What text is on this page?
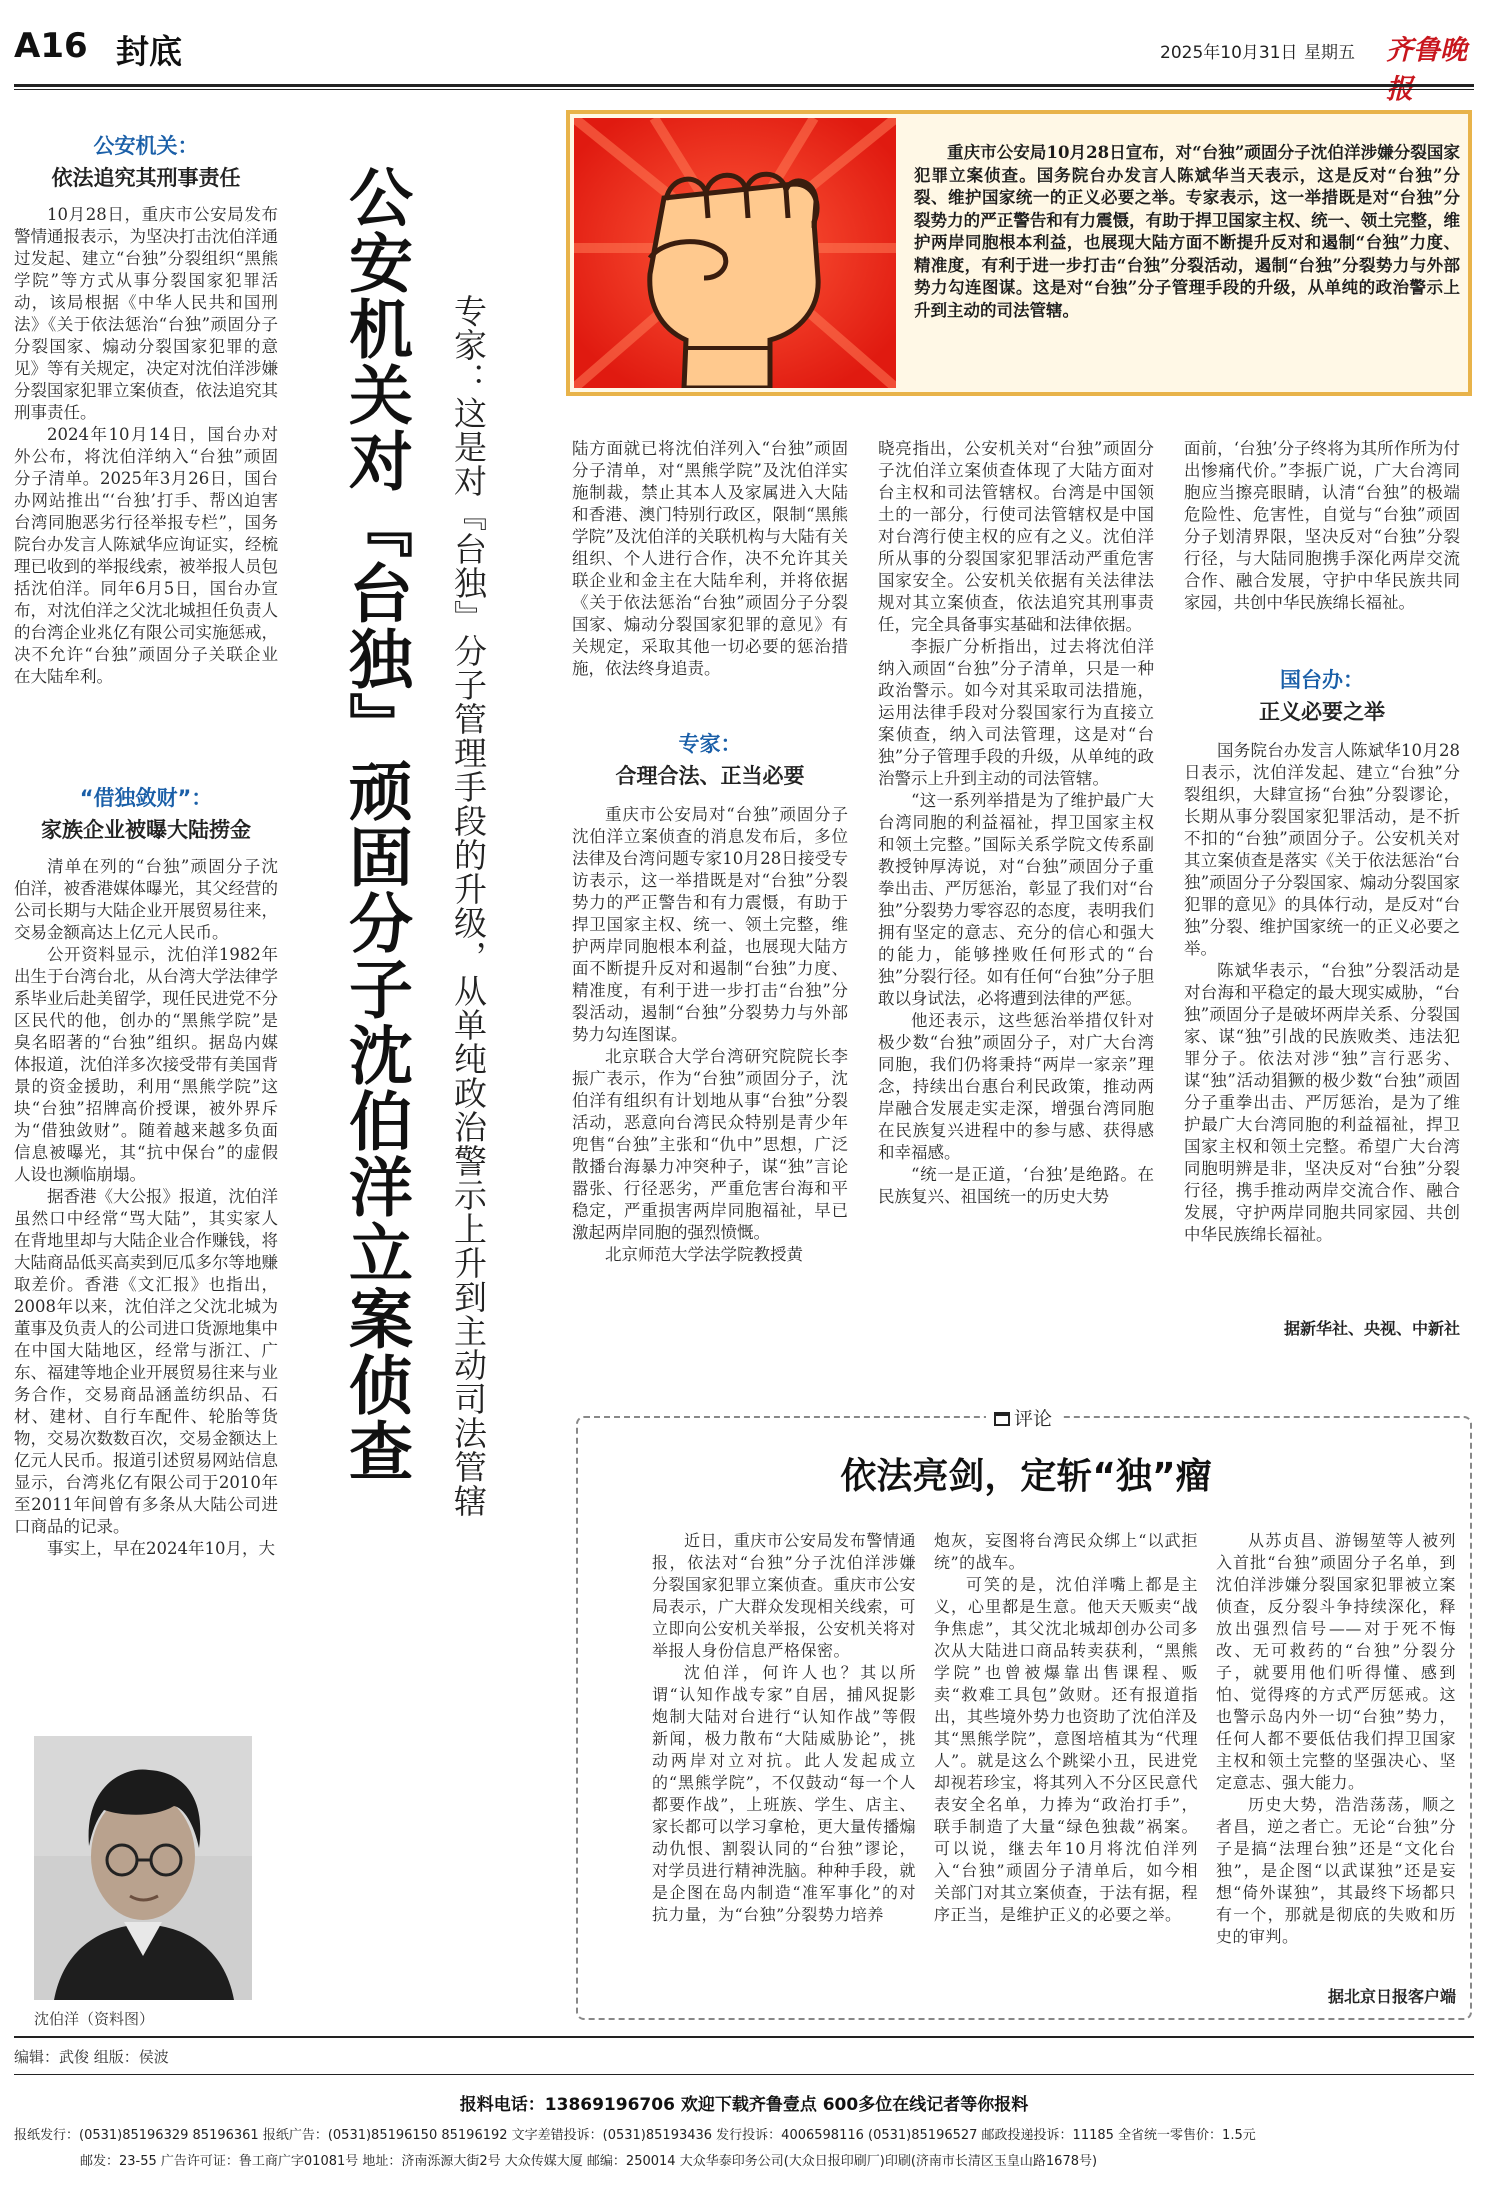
A16 封底	2025年10月31日 星期五 齐鲁晚
公安机关：
依法追究其刑事责任

10月28日，重庆市公安局发布警情通报表示，为坚决打击沈伯洋通过发起、建立“台独”分裂组织“黑熊学院”等方式从事分裂国家犯罪活动，该局根据《中华人民共和国刑法》《关于依法惩治“台独”顽固分子分裂国家、煽动分裂国家犯罪的意见》等有关规定，决定对沈伯洋涉嫌分裂国家犯罪立案侦查，依法追究其刑事责任。

2024年10月14日，国台办对外公布，将沈伯洋纳入“台独”顽固分子清单。2025年3月26日，国台办网站推出“‘台独’打手、帮凶迫害台湾同胞恶劣行径举报专栏”，国务院台办发言人陈斌华应询证实，经梳理已收到的举报线索，被举报人员包括沈伯洋。同年6月5日，国台办宣布，对沈伯洋之父沈北城担任负责人的台湾企业兆亿有限公司实施惩戒，决不允许“台独”顽固分子关联企业在大陆牟利。

“借独敛财”：
家族企业被曝大陆捞金

清单在列的“台独”顽固分子沈伯洋，被香港媒体曝光，其父经营的公司长期与大陆企业开展贸易往来，交易金额高达上亿元人民币。

公开资料显示，沈伯洋1982年出生于台湾台北，从台湾大学法律学系毕业后赴美留学，现任民进党不分区民代的他，创办的“黑熊学院”是臭名昭著的“台独”组织。据岛内媒体报道，沈伯洋多次接受带有美国背景的资金援助，利用“黑熊学院”这块“台独”招牌高价授课，被外界斥为“借独敛财”。随着越来越多负面信息被曝光，其“抗中保台”的虚假人设也濒临崩塌。

据香港《大公报》报道，沈伯洋虽然口中经常“骂大陆”，其实家人在背地里却与大陆企业合作赚钱，将大陆商品低买高卖到厄瓜多尔等地赚取差价。香港《文汇报》也指出，2008年以来，沈伯洋之父沈北城为董事及负责人的公司进口货源地集中在中国大陆地区，经常与浙江、广东、福建等地企业开展贸易往来与业务合作，交易商品涵盖纺织品、石材、建材、自行车配件、轮胎等货物，交易次数数百次，交易金额达上亿元人民币。报道引述贸易网站信息显示，台湾兆亿有限公司于2010年至2011年间曾有多条从大陆公司进口商品的记录。

事实上，早在2024年10月，大

沈伯洋（资料图）
公安机关对『台独』顽固分子沈伯洋立案侦查 专家：这是对『台独』分子管理手段的升级，从单纯政治警示上升到主动司法管辖
重庆市公安局10月28日宣布，对“台独”顽固分子沈伯洋涉嫌分裂国家犯罪立案侦查。国务院台办发言人陈斌华当天表示，这是反对“台独”分裂、维护国家统一的正义必要之举。专家表示，这一举措既是对“台独”分裂势力的严正警告和有力震慑，有助于捍卫国家主权、统一、领土完整，维护两岸同胞根本利益，也展现大陆方面不断提升反对和遏制“台独”力度、精准度，有利于进一步打击“台独”分裂活动，遏制“台独”分裂势力与外部势力勾连图谋。这是对“台独”分子管理手段的升级，从单纯的政治警示上升到主动的司法管辖。

陆方面就已将沈伯洋列入“台独”顽固分子清单，对“黑熊学院”及沈伯洋实施制裁，禁止其本人及家属进入大陆和香港、澳门特别行政区，限制“黑熊学院”及沈伯洋的关联机构与大陆有关组织、个人进行合作，决不允许其关联企业和金主在大陆牟利，并将依据《关于依法惩治“台独”顽固分子分裂国家、煽动分裂国家犯罪的意见》有关规定，采取其他一切必要的惩治措施，依法终身追责。

专家：
合理合法、正当必要

重庆市公安局对“台独”顽固分子沈伯洋立案侦查的消息发布后，多位法律及台湾问题专家10月28日接受专访表示，这一举措既是对“台独”分裂势力的严正警告和有力震慑，有助于捍卫国家主权、统一、领土完整，维护两岸同胞根本利益，也展现大陆方面不断提升反对和遏制“台独”力度、精准度，有利于进一步打击“台独”分裂活动，遏制“台独”分裂势力与外部势力勾连图谋。

北京联合大学台湾研究院院长李振广表示，作为“台独”顽固分子，沈伯洋有组织有计划地从事“台独”分裂活动，恶意向台湾民众特别是青少年兜售“台独”主张和“仇中”思想，广泛散播台海暴力冲突种子，谋“独”言论嚣张、行径恶劣，严重危害台海和平稳定，严重损害两岸同胞福祉，早已激起两岸同胞的强烈愤慨。

北京师范大学法学院教授黄

晓亮指出，公安机关对“台独”顽固分子沈伯洋立案侦查体现了大陆方面对台主权和司法管辖权。台湾是中国领土的一部分，行使司法管辖权是中国对台湾行使主权的应有之义。沈伯洋所从事的分裂国家犯罪活动严重危害国家安全。公安机关依据有关法律法规对其立案侦查，依法追究其刑事责任，完全具备事实基础和法律依据。

李振广分析指出，过去将沈伯洋纳入顽固“台独”分子清单，只是一种政治警示。如今对其采取司法措施，运用法律手段对分裂国家行为直接立案侦查，纳入司法管理，这是对“台独”分子管理手段的升级，从单纯的政治警示上升到主动的司法管辖。

“这一系列举措是为了维护最广大台湾同胞的利益福祉，捍卫国家主权和领土完整。”国际关系学院文传系副教授钟厚涛说，对“台独”顽固分子重拳出击、严厉惩治，彰显了我们对“台独”分裂势力零容忍的态度，表明我们拥有坚定的意志、充分的信心和强大的能力，能够挫败任何形式的“台独”分裂行径。如有任何“台独”分子胆敢以身试法，必将遭到法律的严惩。

他还表示，这些惩治举措仅针对极少数“台独”顽固分子，对广大台湾同胞，我们仍将秉持“两岸一家亲”理念，持续出台惠台利民政策，推动两岸融合发展走实走深，增强台湾同胞在民族复兴进程中的参与感、获得感和幸福感。

“统一是正道，‘台独’是绝路。在民族复兴、祖国统一的历史大势

面前，‘台独’分子终将为其所作所为付出惨痛代价。”李振广说，广大台湾同胞应当擦亮眼睛，认清“台独”的极端危险性、危害性，自觉与“台独”顽固分子划清界限，坚决反对“台独”分裂行径，与大陆同胞携手深化两岸交流合作、融合发展，守护中华民族共同家园，共创中华民族绵长福祉。

国台办：
正义必要之举

国务院台办发言人陈斌华10月28日表示，沈伯洋发起、建立“台独”分裂组织，大肆宣扬“台独”分裂谬论，长期从事分裂国家犯罪活动，是不折不扣的“台独”顽固分子。公安机关对其立案侦查是落实《关于依法惩治“台独”顽固分子分裂国家、煽动分裂国家犯罪的意见》的具体行动，是反对“台独”分裂、维护国家统一的正义必要之举。

陈斌华表示，“台独”分裂活动是对台海和平稳定的最大现实威胁，“台独”顽固分子是破坏两岸关系、分裂国家、谋“独”引战的民族败类、违法犯罪分子。依法对涉“独”言行恶劣、谋“独”活动猖獗的极少数“台独”顽固分子重拳出击、严厉惩治，是为了维护最广大台湾同胞的利益福祉，捍卫国家主权和领土完整。希望广大台湾同胞明辨是非，坚决反对“台独”分裂行径，携手推动两岸交流合作、融合发展，守护两岸同胞共同家园、共创中华民族绵长福祉。

据新华社、央视、中新社
评论
依法亮剑，定斩“独”瘤

近日，重庆市公安局发布警情通报，依法对“台独”分子沈伯洋涉嫌分裂国家犯罪立案侦查。重庆市公安局表示，广大群众发现相关线索，可立即向公安机关举报，公安机关将对举报人身份信息严格保密。

沈伯洋，何许人也？其以所谓“认知作战专家”自居，捕风捉影炮制大陆对台进行“认知作战”等假新闻，极力散布“大陆威胁论”，挑动两岸对立对抗。此人发起成立的“黑熊学院”，不仅鼓动“每一个人都要作战”，上班族、学生、店主、家长都可以学习拿枪，更大量传播煽动仇恨、割裂认同的“台独”谬论，对学员进行精神洗脑。种种手段，就是企图在岛内制造“准军事化”的对抗力量，为“台独”分裂势力培养

炮灰，妄图将台湾民众绑上“以武拒统”的战车。

可笑的是，沈伯洋嘴上都是主义，心里都是生意。他天天贩卖“战争焦虑”，其父沈北城却创办公司多次从大陆进口商品转卖获利，“黑熊学院”也曾被爆靠出售课程、贩卖“救难工具包”敛财。还有报道指出，其些境外势力也资助了沈伯洋及其“黑熊学院”，意图培植其为“代理人”。就是这么个跳梁小丑，民进党却视若珍宝，将其列入不分区民意代表安全名单，力捧为“政治打手”，联手制造了大量“绿色独裁”祸案。可以说，继去年10月将沈伯洋列入“台独”顽固分子清单后，如今相关部门对其立案侦查，于法有据，程序正当，是维护正义的必要之举。

从苏贞昌、游锡堃等人被列入首批“台独”顽固分子名单，到沈伯洋涉嫌分裂国家犯罪被立案侦查，反分裂斗争持续深化，释放出强烈信号——对于死不悔改、无可救药的“台独”分裂分子，就要用他们听得懂、感到怕、觉得疼的方式严厉惩戒。这也警示岛内外一切“台独”势力，任何人都不要低估我们捍卫国家主权和领土完整的坚强决心、坚定意志、强大能力。

历史大势，浩浩荡荡，顺之者昌，逆之者亡。无论“台独”分子是搞“法理台独”还是“文化台独”，是企图“以武谋独”还是妄想“倚外谋独”，其最终下场都只有一个，那就是彻底的失败和历史的审判。

据北京日报客户端
编辑：武俊 组版：侯波
报料电话：13869196706 欢迎下载齐鲁壹点 600多位在线记者等你报料
报纸发行：(0531)85196329 85196361 报纸广告：(0531)85196150 85196192 文字差错投诉：(0531)85193436 发行投诉：4006598116 (0531)85196527 邮政投递投诉：11185 全省统一零售价：1.5元
邮发：23-55 广告许可证：鲁工商广字01081号 地址：济南泺源大街2号 大众传媒大厦 邮编：250014 大众华泰印务公司(大众日报印刷厂)印刷(济南市长清区玉皇山路1678号)
